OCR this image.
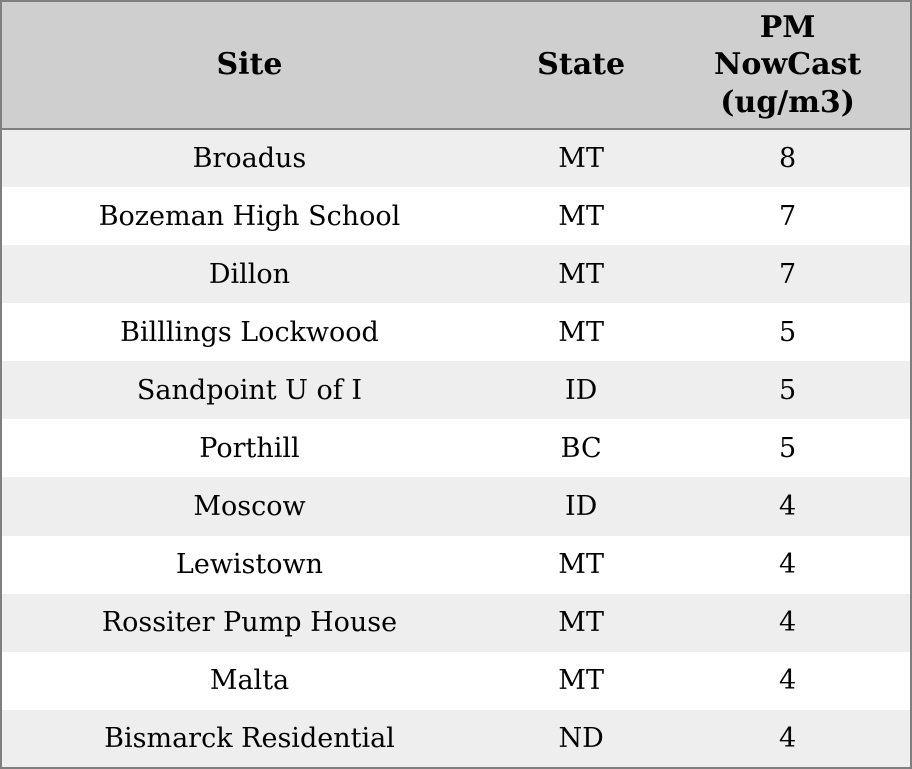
Site	State	PM NowCast (ug/m3)
Broadus	MT	8
Bozeman High School	MT	7
Dillon	MT	7
Billlings Lockwood	MT	5
Sandpoint U of I	ID	5
Porthill	BC	5
Moscow	ID	4
Lewistown	MT	4
Rossiter Pump House	MT	4
Malta	MT	4
Bismarck Residential	ND	4
